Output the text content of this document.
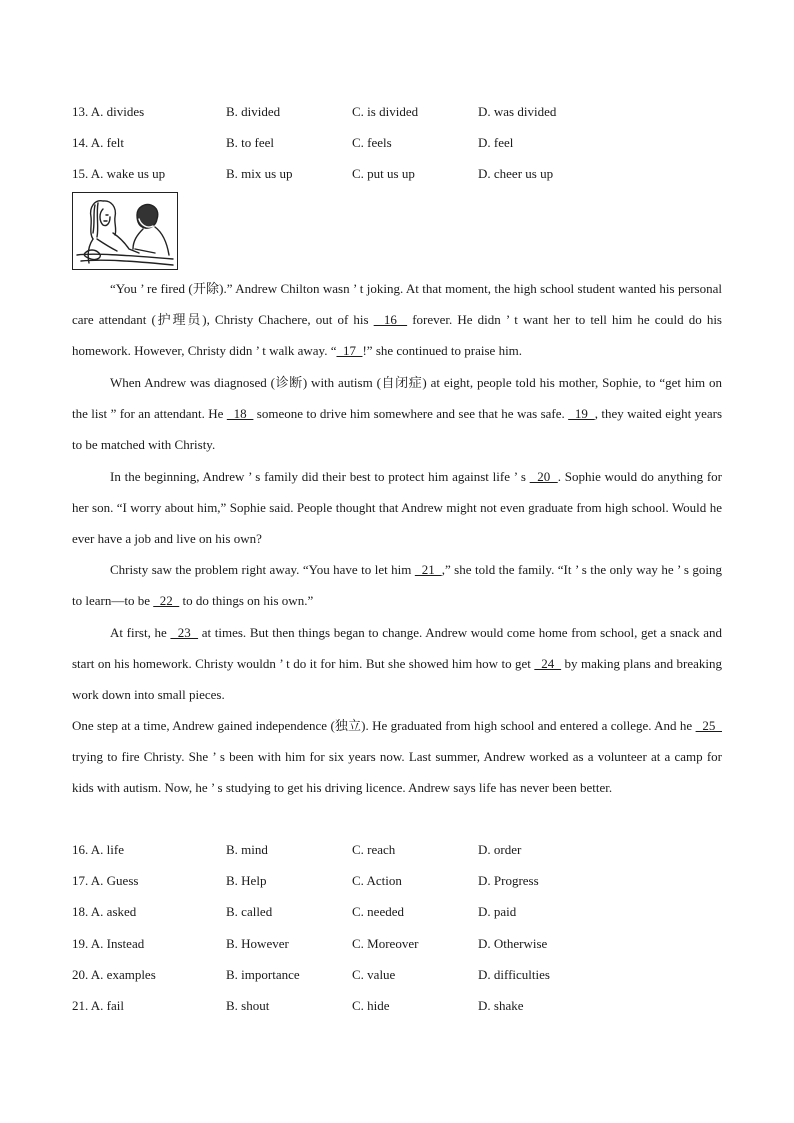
13. A. divides	B. divided	C. is divided	D. was divided
14. A. felt	B. to feel	C. feels	D. feel
15. A. wake us up	B. mix us up	C. put us up	D. cheer us up

“You ’ re fired (开除).” Andrew Chilton wasn ’ t joking. At that moment, the high school student wanted his personal care attendant (护理员), Christy Chachere, out of his   16   forever. He didn ’ t want her to tell him he could do his homework. However, Christy didn ’ t walk away. “  17  !” she continued to praise him.

When Andrew was diagnosed (诊断) with autism (自闭症) at eight, people told his mother, Sophie, to “get him on the list ” for an attendant. He   18   someone to drive him somewhere and see that he was safe.   19  , they waited eight years to be matched with Christy.

In the beginning, Andrew ’ s family did their best to protect him against life ’ s   20  . Sophie would do anything for her son. “I worry about him,” Sophie said. People thought that Andrew might not even graduate from high school. Would he ever have a job and live on his own?

Christy saw the problem right away. “You have to let him   21  ,” she told the family. “It ’ s the only way he ’ s going to learn—to be   22   to do things on his own.”

At first, he   23   at times. But then things began to change. Andrew would come home from school, get a snack and start on his homework. Christy wouldn ’ t do it for him. But she showed him how to get   24   by making plans and breaking work down into small pieces.

One step at a time, Andrew gained independence (独立). He graduated from high school and entered a college. And he   25   trying to fire Christy. She ’ s been with him for six years now. Last summer, Andrew worked as a volunteer at a camp for kids with autism. Now, he ’ s studying to get his driving licence. Andrew says life has never been better.

16. A. life	B. mind	C. reach	D. order
17. A. Guess	B. Help	C. Action	D. Progress
18. A. asked	B. called	C. needed	D. paid
19. A. Instead	B. However	C. Moreover	D. Otherwise
20. A. examples	B. importance	C. value	D. difficulties
21. A. fail	B. shout	C. hide	D. shake
